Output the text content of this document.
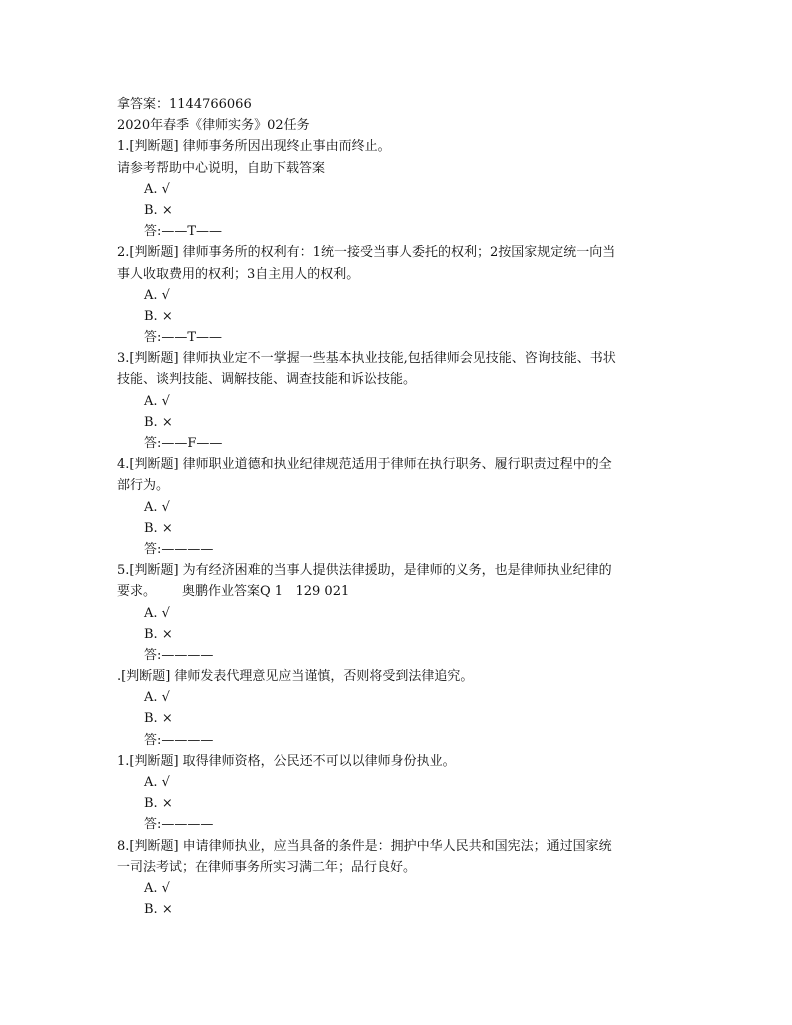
拿答案：1144766066
2020年春季《律师实务》02任务
1.[判断题] 律师事务所因出现终止事由而终止。
请参考帮助中心说明，自助下载答案
A. √
B. ×
答:——T——
2.[判断题] 律师事务所的权利有：1统一接受当事人委托的权利；2按国家规定统一向当
事人收取费用的权利；3自主用人的权利。
A. √
B. ×
答:——T——
3.[判断题] 律师执业定不一掌握一些基本执业技能,包括律师会见技能、咨询技能、书状
技能、谈判技能、调解技能、调查技能和诉讼技能。
A. √
B. ×
答:——F——
4.[判断题] 律师职业道德和执业纪律规范适用于律师在执行职务、履行职责过程中的全
部行为。
A. √
B. ×
答:————
5.[判断题] 为有经济困难的当事人提供法律援助，是律师的义务，也是律师执业纪律的
要求。 奥鹏作业答案Q 1   129 021
A. √
B. ×
答:————
.[判断题] 律师发表代理意见应当谨慎，否则将受到法律追究。
A. √
B. ×
答:————
1.[判断题] 取得律师资格，公民还不可以以律师身份执业。
A. √
B. ×
答:————
8.[判断题] 申请律师执业，应当具备的条件是：拥护中华人民共和国宪法；通过国家统
一司法考试；在律师事务所实习满二年；品行良好。
A. √
B. ×
